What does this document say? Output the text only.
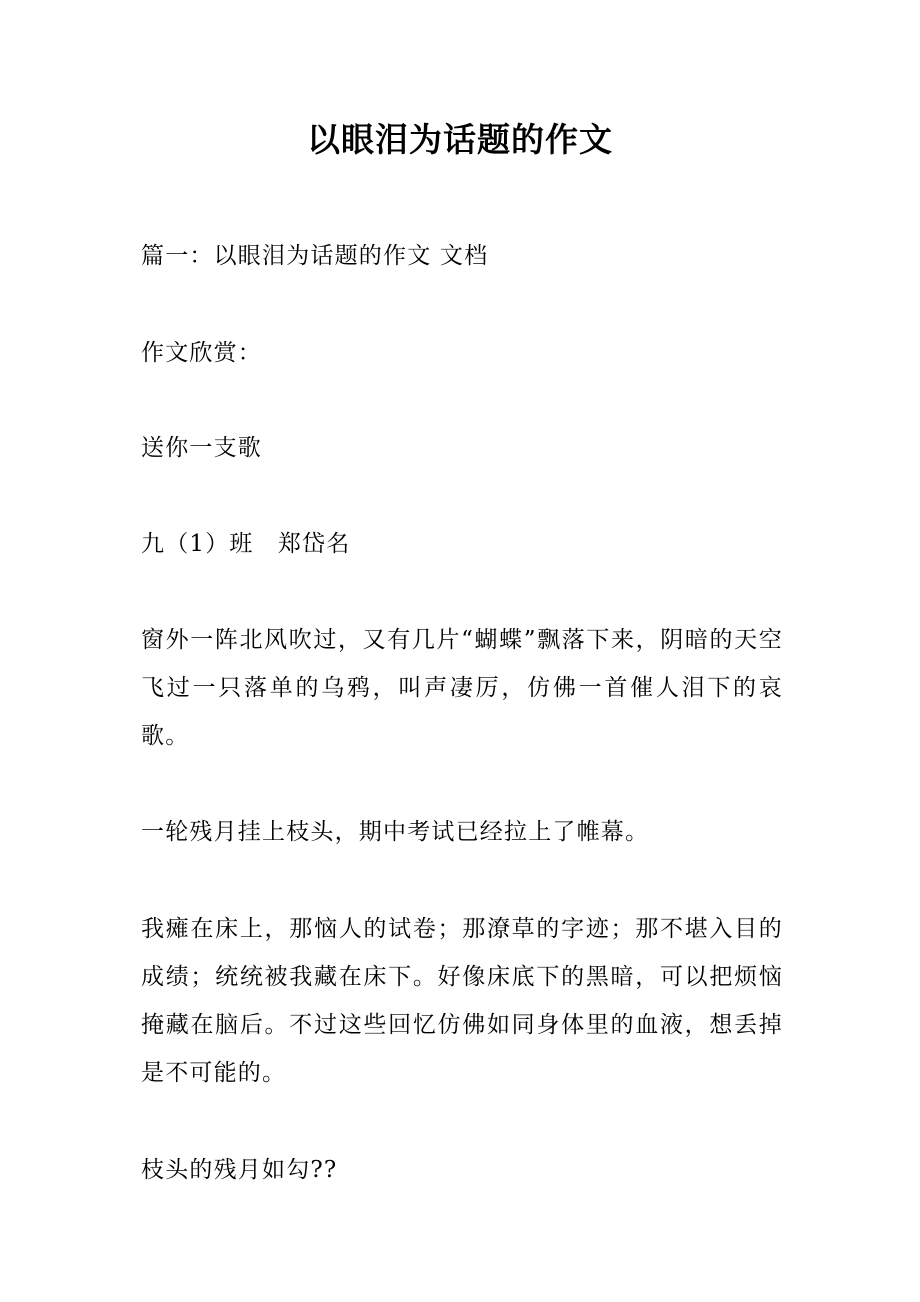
以眼泪为话题的作文

篇一：以眼泪为话题的作文 文档

作文欣赏：

送你一支歌

九（1）班　郑岱名

窗外一阵北风吹过，又有几片“蝴蝶”飘落下来，阴暗的天空飞过一只落单的乌鸦，叫声凄厉，仿佛一首催人泪下的哀歌。

一轮残月挂上枝头，期中考试已经拉上了帷幕。

我瘫在床上，那恼人的试卷；那潦草的字迹；那不堪入目的成绩；统统被我藏在床下。好像床底下的黑暗，可以把烦恼掩藏在脑后。不过这些回忆仿佛如同身体里的血液，想丢掉是不可能的。

枝头的残月如勾??
